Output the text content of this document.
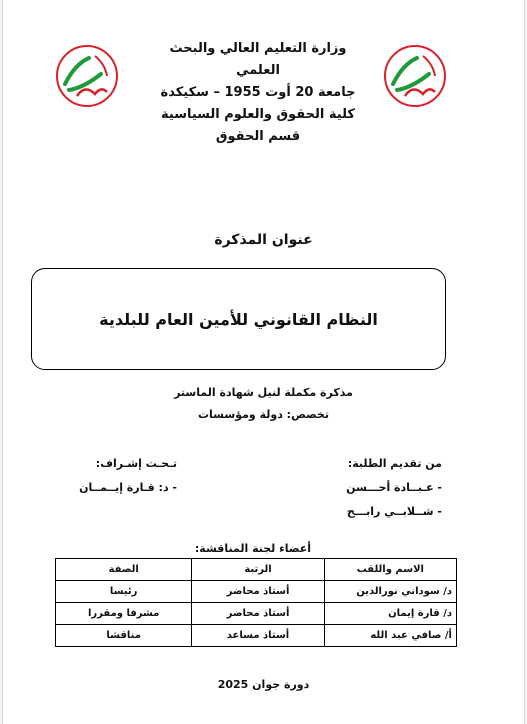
وزارة التعليم العالي والبحث العلمي
جامعة 20 أوت 1955 – سكيكدة
كلية الحقوق والعلوم السياسية
قسم الحقوق
عنوان المذكرة
النظام القانوني للأمين العام للبلدية
مذكرة مكملة لنيل شهادة الماستر
تخصص: دولة ومؤسسات
من تقديم الطلبة:
- عـبــادة أحـــسن
- شــلابــي رابـــح
تـحـت إشـراف:
- د: قـارة إيــمــان
أعضاء لجنة المناقشة:
الاسم واللقب	الرتبة	الصفة
د/ سوداني نورالدين	أستاذ محاضر	رئيسا
د/ قارة إيمان	أستاذ محاضر	مشرفا ومقررا
أ/ صافي عبد الله	أستاذ مساعد	مناقشا
دورة جوان 2025
